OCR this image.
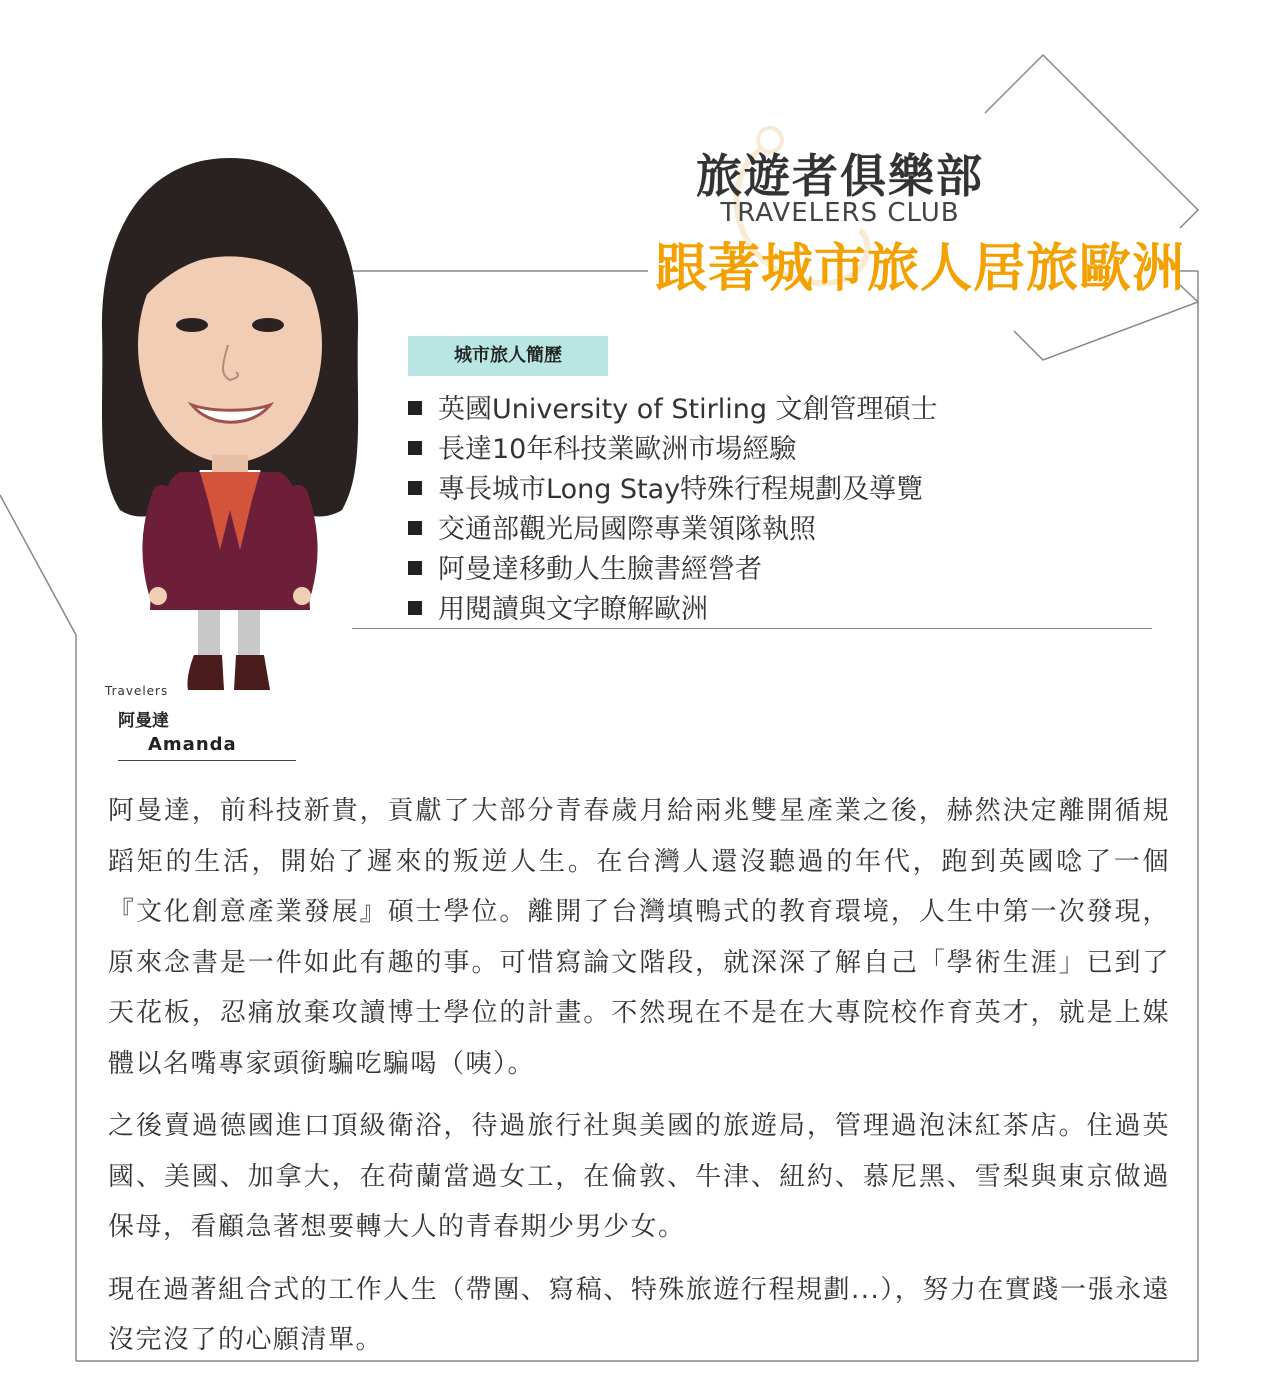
旅遊者俱樂部
TRAVELERS CLUB
跟著城市旅人居旅歐洲
城市旅人簡歷
英國University of Stirling 文創管理碩士
長達10年科技業歐洲市場經驗
專長城市Long Stay特殊行程規劃及導覽
交通部觀光局國際專業領隊執照
阿曼達移動人生臉書經營者
用閱讀與文字瞭解歐洲
Travelers
阿曼達
Amanda

阿曼達，前科技新貴，貢獻了大部分青春歲月給兩兆雙星產業之後，赫然決定離開循規蹈矩的生活，開始了遲來的叛逆人生。在台灣人還沒聽過的年代，跑到英國唸了一個『文化創意產業發展』碩士學位。離開了台灣填鴨式的教育環境，人生中第一次發現，原來念書是一件如此有趣的事。可惜寫論文階段，就深深了解自己「學術生涯」已到了天花板，忍痛放棄攻讀博士學位的計畫。不然現在不是在大專院校作育英才，就是上媒體以名嘴專家頭銜騙吃騙喝（咦）。

之後賣過德國進口頂級衛浴，待過旅行社與美國的旅遊局，管理過泡沫紅茶店。住過英國、美國、加拿大，在荷蘭當過女工，在倫敦、牛津、紐約、慕尼黑、雪梨與東京做過保母，看顧急著想要轉大人的青春期少男少女。

現在過著組合式的工作人生（帶團、寫稿、特殊旅遊行程規劃...），努力在實踐一張永遠沒完沒了的心願清單。
